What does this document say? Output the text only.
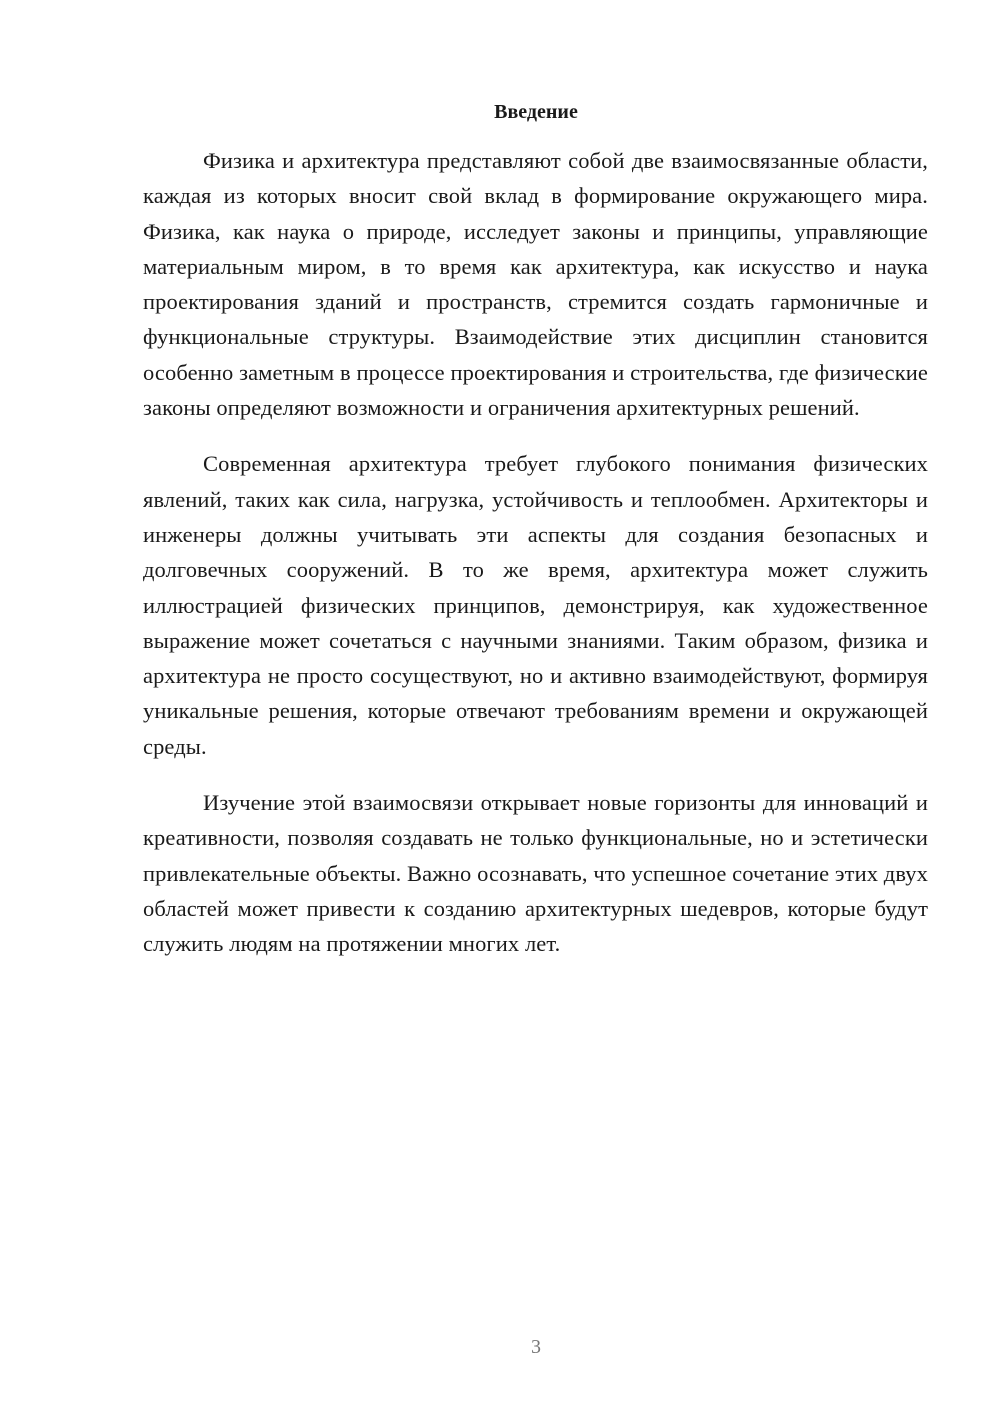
Введение

Физика и архитектура представляют собой две взаимосвязанные области, каждая из которых вносит свой вклад в формирование окружающего мира. Физика, как наука о природе, исследует законы и принципы, управляющие материальным миром, в то время как архитектура, как искусство и наука проектирования зданий и пространств, стремится создать гармоничные и функциональные структуры. Взаимодействие этих дисциплин становится особенно заметным в процессе проектирования и строительства, где физические законы определяют возможности и ограничения архитектурных решений.

Современная архитектура требует глубокого понимания физических явлений, таких как сила, нагрузка, устойчивость и теплообмен. Архитекторы и инженеры должны учитывать эти аспекты для создания безопасных и долговечных сооружений. В то же время, архитектура может служить иллюстрацией физических принципов, демонстрируя, как художественное выражение может сочетаться с научными знаниями. Таким образом, физика и архитектура не просто сосуществуют, но и активно взаимодействуют, формируя уникальные решения, которые отвечают требованиям времени и окружающей среды.

Изучение этой взаимосвязи открывает новые горизонты для инноваций и креативности, позволяя создавать не только функциональные, но и эстетически привлекательные объекты. Важно осознавать, что успешное сочетание этих двух областей может привести к созданию архитектурных шедевров, которые будут служить людям на протяжении многих лет.

3
